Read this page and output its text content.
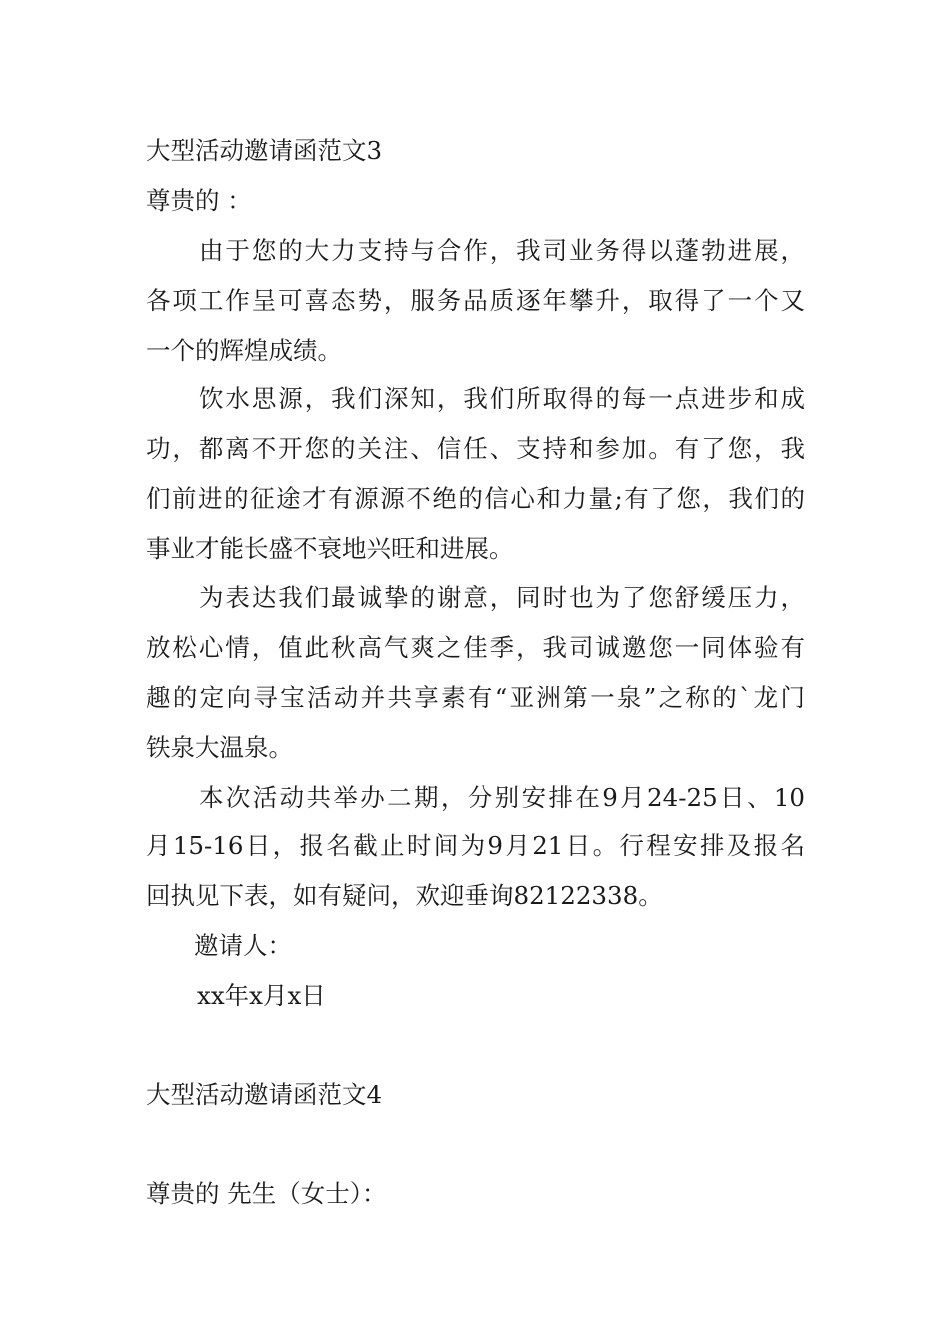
大型活动邀请函范文3
尊贵的 ：
由于您的大力支持与合作，我司业务得以蓬勃进展，
各项工作呈可喜态势，服务品质逐年攀升，取得了一个又
一个的辉煌成绩。
饮水思源，我们深知，我们所取得的每一点进步和成
功，都离不开您的关注、信任、支持和参加。有了您，我
们前进的征途才有源源不绝的信心和力量;有了您，我们的
事业才能长盛不衰地兴旺和进展。
为表达我们最诚挚的谢意，同时也为了您舒缓压力，
放松心情，值此秋高气爽之佳季，我司诚邀您一同体验有
趣的定向寻宝活动并共享素有“亚洲第一泉”之称的`龙门
铁泉大温泉。
本次活动共举办二期，分别安排在9月24-25日、10
月15-16日，报名截止时间为9月21日。行程安排及报名
回执见下表，如有疑问，欢迎垂询82122338。
邀请人：
xx年x月x日
大型活动邀请函范文4
尊贵的 先生（女士）：
